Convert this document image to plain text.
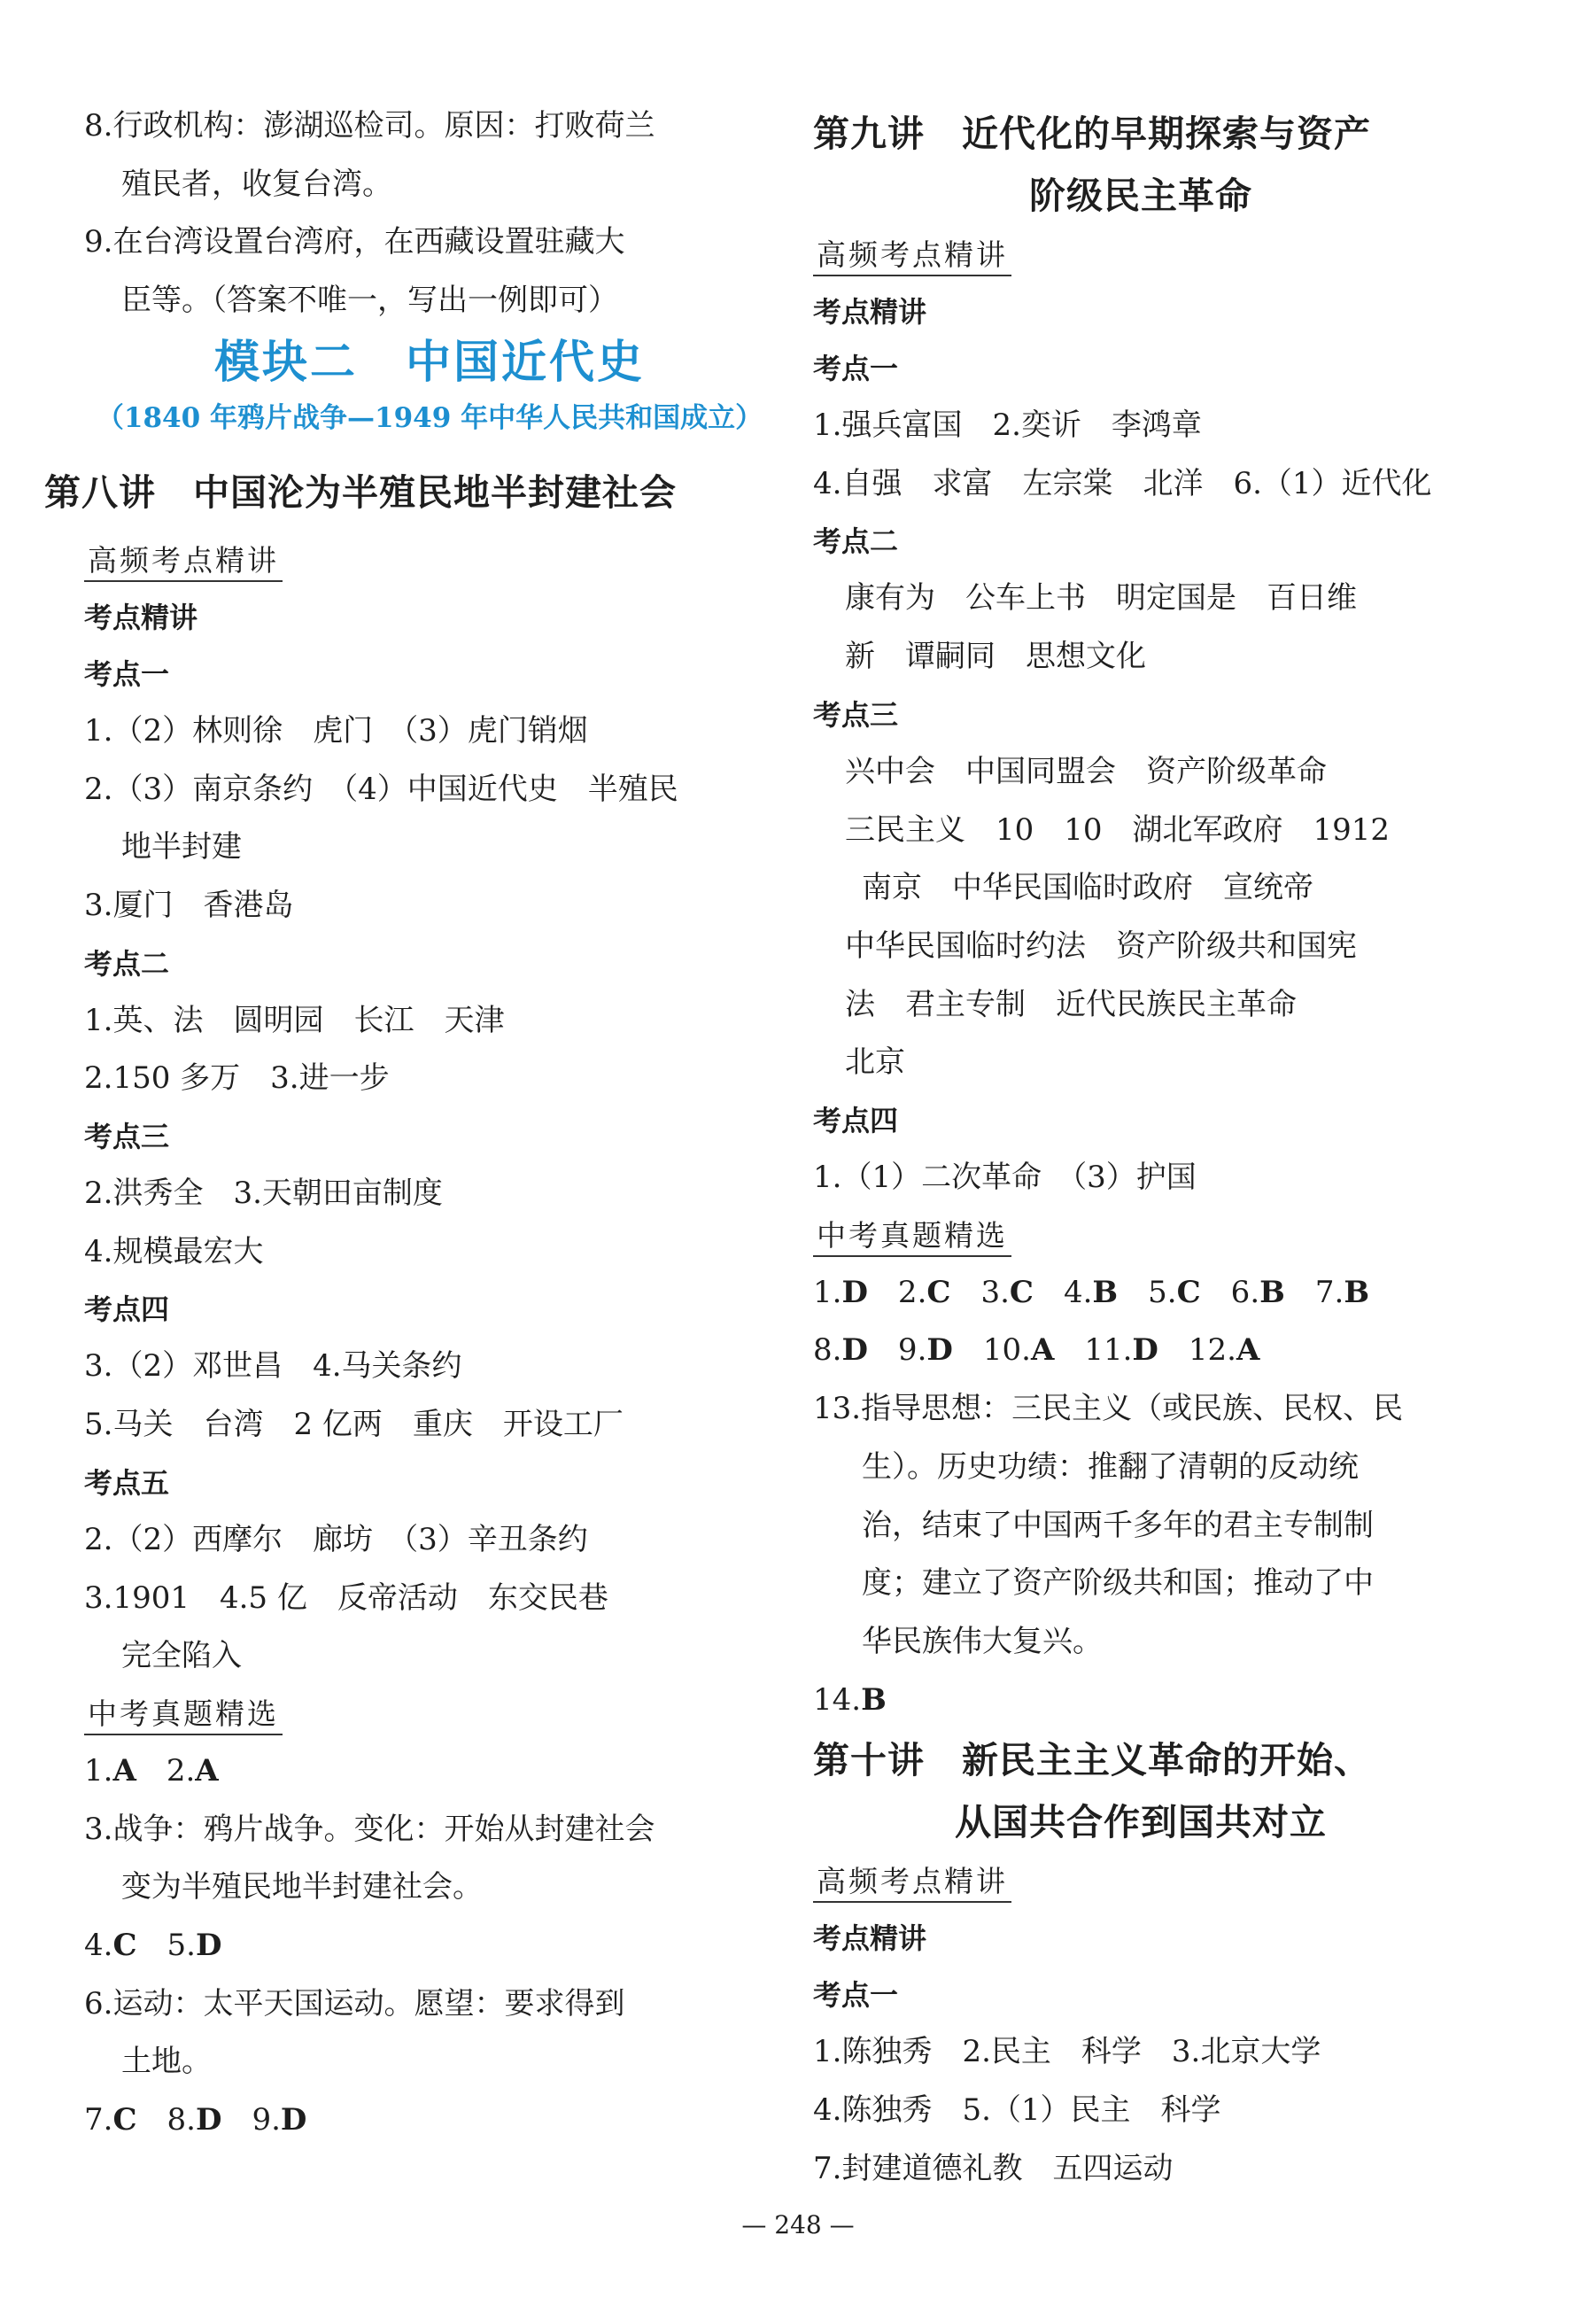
8.行政机构：澎湖巡检司。原因：打败荷兰
殖民者，收复台湾。
9.在台湾设置台湾府，在西藏设置驻藏大
臣等。（答案不唯一，写出一例即可）
模块二　中国近代史
（1840 年鸦片战争—1949 年中华人民共和国成立）
第八讲　中国沦为半殖民地半封建社会
高频考点精讲
考点精讲
考点一
1.（2）林则徐　虎门　（3）虎门销烟
2.（3）南京条约　（4）中国近代史　半殖民
地半封建
3.厦门　香港岛
考点二
1.英、法　圆明园　长江　天津
2.150 多万　3.进一步
考点三
2.洪秀全　3.天朝田亩制度
4.规模最宏大
考点四
3.（2）邓世昌　4.马关条约
5.马关　台湾　2 亿两　重庆　开设工厂
考点五
2.（2）西摩尔　廊坊　（3）辛丑条约
3.1901　4.5 亿　反帝活动　东交民巷
完全陷入
中考真题精选
1.A　2.A
3.战争：鸦片战争。变化：开始从封建社会
变为半殖民地半封建社会。
4.C　5.D
6.运动：太平天国运动。愿望：要求得到
土地。
7.C　8.D　9.D
第九讲　近代化的早期探索与资产
阶级民主革命
高频考点精讲
考点精讲
考点一
1.强兵富国　2.奕䜣　李鸿章
4.自强　求富　左宗棠　北洋　6.（1）近代化
考点二
康有为　公车上书　明定国是　百日维
新　谭嗣同　思想文化
考点三
兴中会　中国同盟会　资产阶级革命
三民主义　10　10　湖北军政府　1912
南京　中华民国临时政府　宣统帝
中华民国临时约法　资产阶级共和国宪
法　君主专制　近代民族民主革命
北京
考点四
1.（1）二次革命　（3）护国
中考真题精选
1.D　2.C　3.C　4.B　5.C　6.B　7.B
8.D　9.D　10.A　11.D　12.A
13.指导思想：三民主义（或民族、民权、民
生）。历史功绩：推翻了清朝的反动统
治，结束了中国两千多年的君主专制制
度；建立了资产阶级共和国；推动了中
华民族伟大复兴。
14.B
第十讲　新民主主义革命的开始、
从国共合作到国共对立
高频考点精讲
考点精讲
考点一
1.陈独秀　2.民主　科学　3.北京大学
4.陈独秀　5.（1）民主　科学
7.封建道德礼教　五四运动
— 248 —
